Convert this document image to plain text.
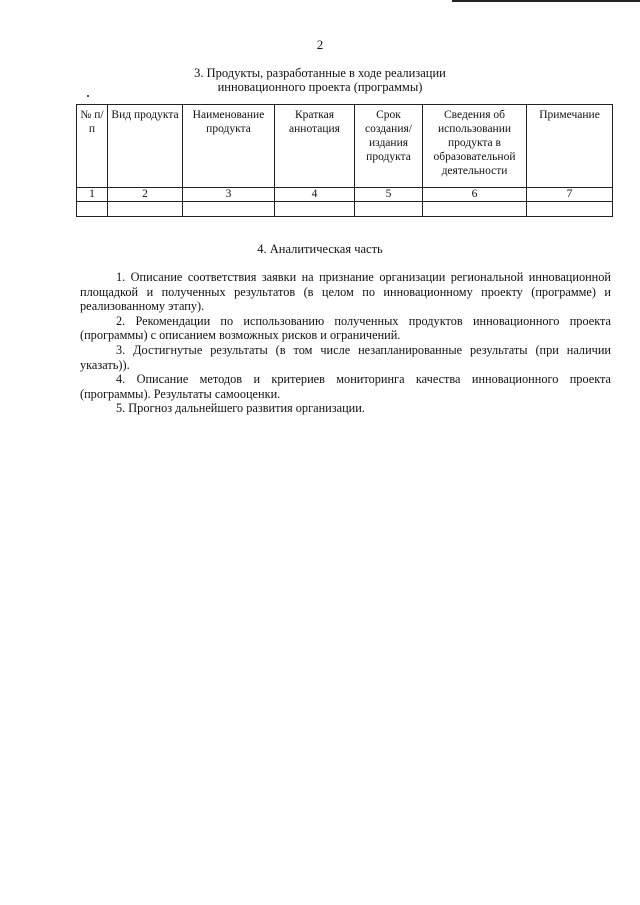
2
3. Продукты, разработанные в ходе реализации
инновационного проекта (программы)
№ п/п	Вид продукта	Наименование продукта	Краткая аннотация	Срок создания/ издания продукта	Сведения об использовании продукта в образовательной деятельности	Примечание
1	2	3	4	5	6	7

4. Аналитическая часть

1. Описание соответствия заявки на признание организации региональной инновационной площадкой и полученных результатов (в целом по инновационному проекту (программе) и реализованному этапу).

2. Рекомендации по использованию полученных продуктов инновационного проекта (программы) с описанием возможных рисков и ограничений.

3. Достигнутые результаты (в том числе незапланированные результаты (при наличии указать)).

4. Описание методов и критериев мониторинга качества инновационного проекта (программы). Результаты самооценки.

5. Прогноз дальнейшего развития организации.
